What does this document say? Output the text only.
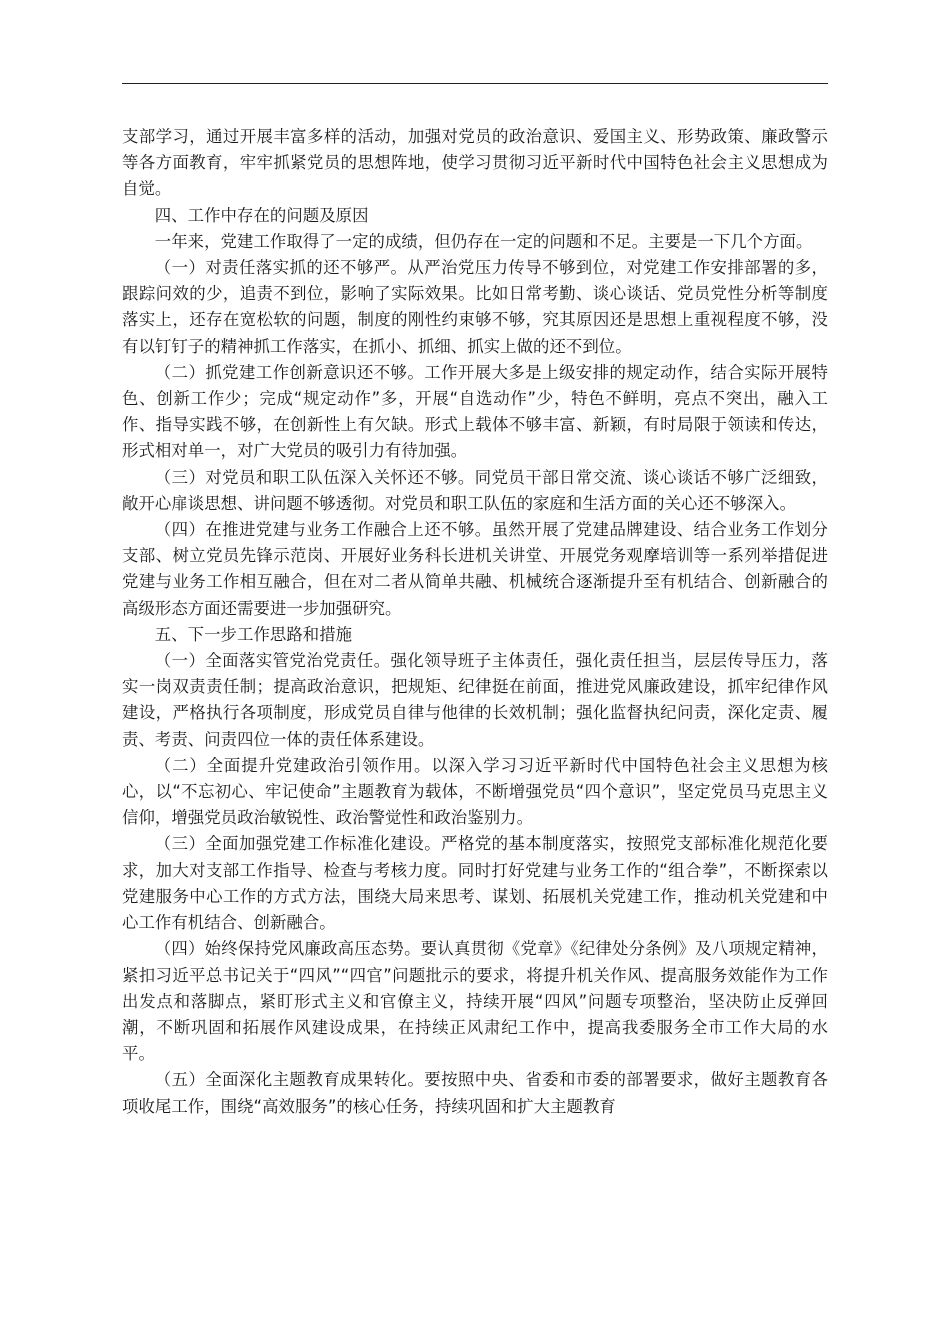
支部学习，通过开展丰富多样的活动，加强对党员的政治意识、爱国主义、形势政策、廉政警示等各方面教育，牢牢抓紧党员的思想阵地，使学习贯彻习近平新时代中国特色社会主义思想成为自觉。

四、工作中存在的问题及原因

一年来，党建工作取得了一定的成绩，但仍存在一定的问题和不足。主要是一下几个方面。

（一）对责任落实抓的还不够严。从严治党压力传导不够到位，对党建工作安排部署的多，跟踪问效的少，追责不到位，影响了实际效果。比如日常考勤、谈心谈话、党员党性分析等制度落实上，还存在宽松软的问题，制度的刚性约束够不够，究其原因还是思想上重视程度不够，没有以钉钉子的精神抓工作落实，在抓小、抓细、抓实上做的还不到位。

（二）抓党建工作创新意识还不够。工作开展大多是上级安排的规定动作，结合实际开展特色、创新工作少；完成“规定动作”多，开展“自选动作”少，特色不鲜明，亮点不突出，融入工作、指导实践不够，在创新性上有欠缺。形式上载体不够丰富、新颖，有时局限于领读和传达，形式相对单一，对广大党员的吸引力有待加强。

（三）对党员和职工队伍深入关怀还不够。同党员干部日常交流、谈心谈话不够广泛细致，敞开心扉谈思想、讲问题不够透彻。对党员和职工队伍的家庭和生活方面的关心还不够深入。

（四）在推进党建与业务工作融合上还不够。虽然开展了党建品牌建设、结合业务工作划分支部、树立党员先锋示范岗、开展好业务科长进机关讲堂、开展党务观摩培训等一系列举措促进党建与业务工作相互融合，但在对二者从简单共融、机械统合逐渐提升至有机结合、创新融合的高级形态方面还需要进一步加强研究。

五、下一步工作思路和措施

（一）全面落实管党治党责任。强化领导班子主体责任，强化责任担当，层层传导压力，落实一岗双责责任制；提高政治意识，把规矩、纪律挺在前面，推进党风廉政建设，抓牢纪律作风建设，严格执行各项制度，形成党员自律与他律的长效机制；强化监督执纪问责，深化定责、履责、考责、问责四位一体的责任体系建设。

（二）全面提升党建政治引领作用。以深入学习习近平新时代中国特色社会主义思想为核心，以“不忘初心、牢记使命”主题教育为载体，不断增强党员“四个意识”，坚定党员马克思主义信仰，增强党员政治敏锐性、政治警觉性和政治鉴别力。

（三）全面加强党建工作标准化建设。严格党的基本制度落实，按照党支部标准化规范化要求，加大对支部工作指导、检查与考核力度。同时打好党建与业务工作的“组合拳”，不断探索以党建服务中心工作的方式方法，围绕大局来思考、谋划、拓展机关党建工作，推动机关党建和中心工作有机结合、创新融合。

（四）始终保持党风廉政高压态势。要认真贯彻《党章》《纪律处分条例》及八项规定精神，紧扣习近平总书记关于“四风”“四官”问题批示的要求，将提升机关作风、提高服务效能作为工作出发点和落脚点，紧盯形式主义和官僚主义，持续开展“四风”问题专项整治，坚决防止反弹回潮，不断巩固和拓展作风建设成果，在持续正风肃纪工作中，提高我委服务全市工作大局的水平。

（五）全面深化主题教育成果转化。要按照中央、省委和市委的部署要求，做好主题教育各项收尾工作，围绕“高效服务”的核心任务，持续巩固和扩大主题教育
